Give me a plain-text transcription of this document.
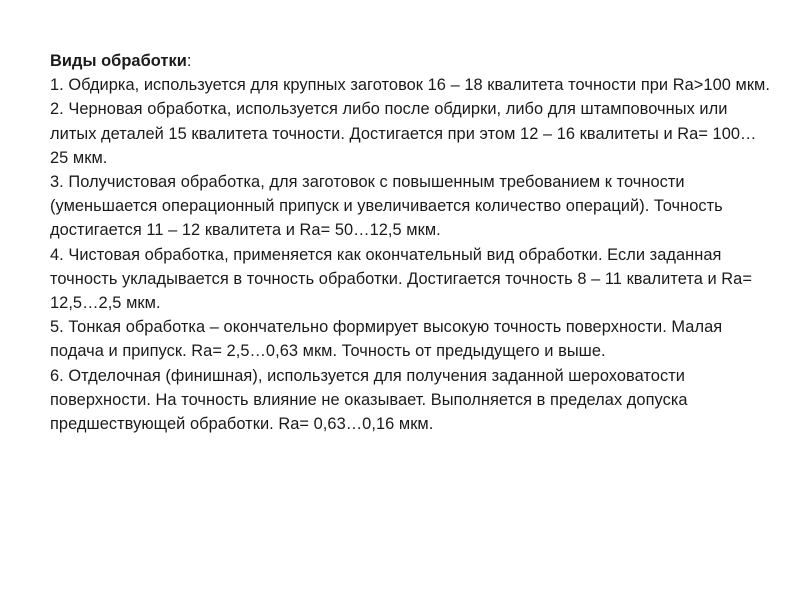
Виды обработки:

1. Обдирка, используется для крупных заготовок 16 – 18 квалитета точности при Ra>100 мкм.

2. Черновая обработка, используется либо после обдирки, либо для штамповочных или литых деталей 15 квалитета точности. Достигается при этом 12 – 16 квалитеты и Ra= 100…25 мкм.

3. Получистовая обработка, для заготовок с повышенным требованием к точности (уменьшается операционный припуск и увеличивается количество операций). Точность достигается 11 – 12 квалитета и Ra= 50…12,5 мкм.

4. Чистовая обработка, применяется как окончательный вид обработки. Если заданная точность укладывается в точность обработки. Достигается точность 8 – 11 квалитета и Ra= 12,5…2,5 мкм.

5. Тонкая обработка – окончательно формирует высокую точность поверхности. Малая подача и припуск. Ra= 2,5…0,63 мкм. Точность от предыдущего и выше.

6. Отделочная (финишная), используется для получения заданной шероховатости поверхности. На точность влияние не оказывает. Выполняется в пределах допуска предшествующей обработки. Ra= 0,63…0,16 мкм.
